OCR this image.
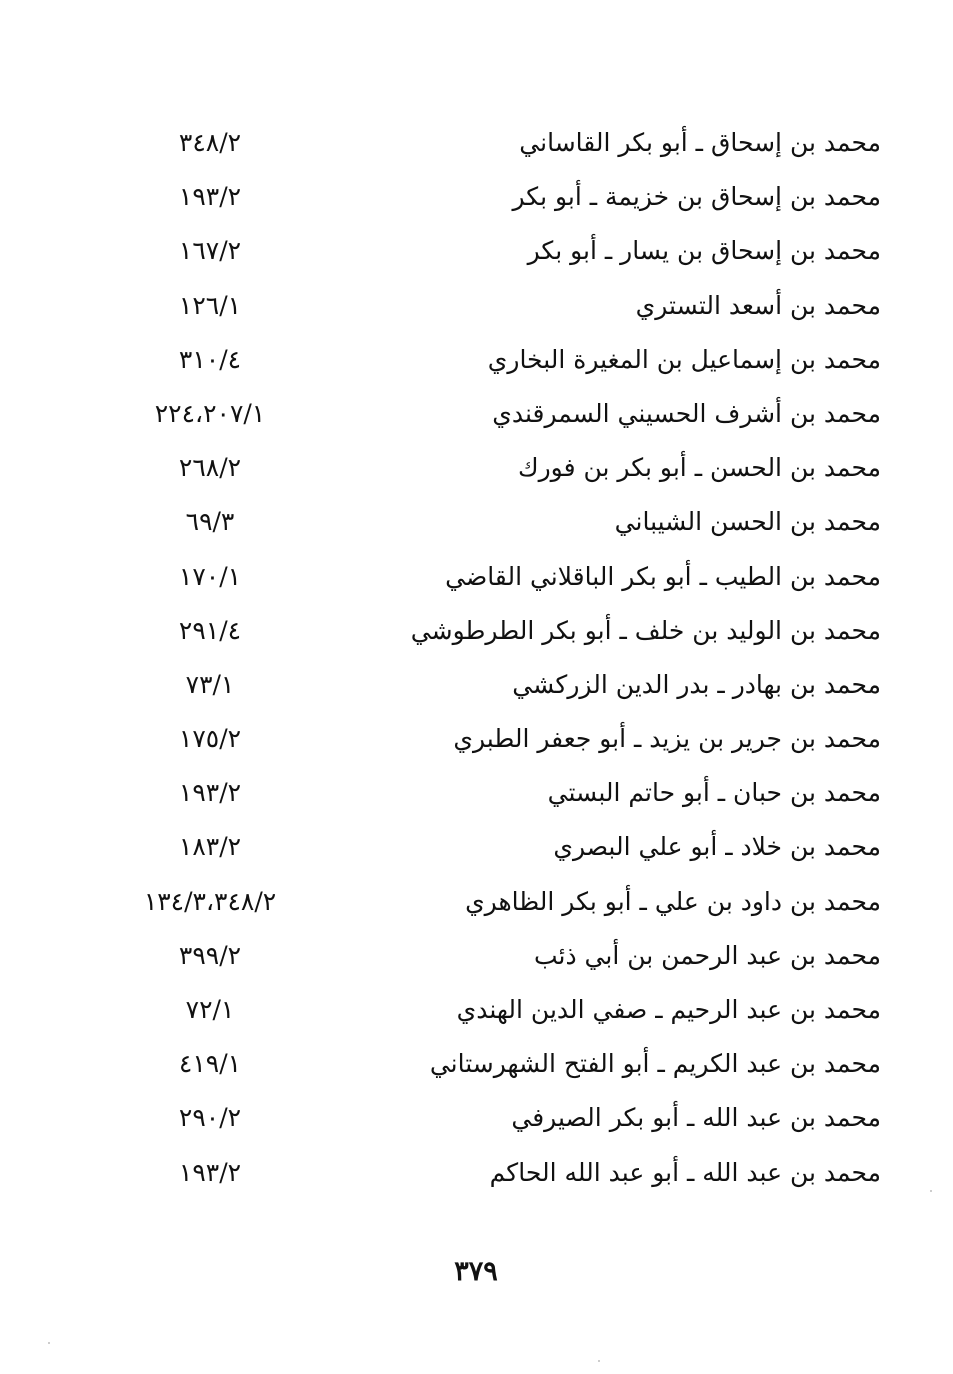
محمد بن إسحاق ـ أبو بكر القاساني
٣٤٨/٢
محمد بن إسحاق بن خزيمة ـ أبو بكر
١٩٣/٢
محمد بن إسحاق بن يسار ـ أبو بكر
١٦٧/٢
محمد بن أسعد التستري
١٢٦/١
محمد بن إسماعيل بن المغيرة البخاري
٣١٠/٤
محمد بن أشرف الحسيني السمرقندي
٢٢٤،٢٠٧/١
محمد بن الحسن ـ أبو بكر بن فورك
٢٦٨/٢
محمد بن الحسن الشيباني
٦٩/٣
محمد بن الطيب ـ أبو بكر الباقلاني القاضي
١٧٠/١
محمد بن الوليد بن خلف ـ أبو بكر الطرطوشي
٢٩١/٤
محمد بن بهادر ـ بدر الدين الزركشي
٧٣/١
محمد بن جرير بن يزيد ـ أبو جعفر الطبري
١٧٥/٢
محمد بن حبان ـ أبو حاتم البستي
١٩٣/٢
محمد بن خلاد ـ أبو علي البصري
١٨٣/٢
محمد بن داود بن علي ـ أبو بكر الظاهري
١٣٤/٣،٣٤٨/٢
محمد بن عبد الرحمن بن أبي ذئب
٣٩٩/٢
محمد بن عبد الرحيم ـ صفي الدين الهندي
٧٢/١
محمد بن عبد الكريم ـ أبو الفتح الشهرستاني
٤١٩/١
محمد بن عبد الله ـ أبو بكر الصيرفي
٢٩٠/٢
محمد بن عبد الله ـ أبو عبد الله الحاكم
١٩٣/٢
٣٧٩
